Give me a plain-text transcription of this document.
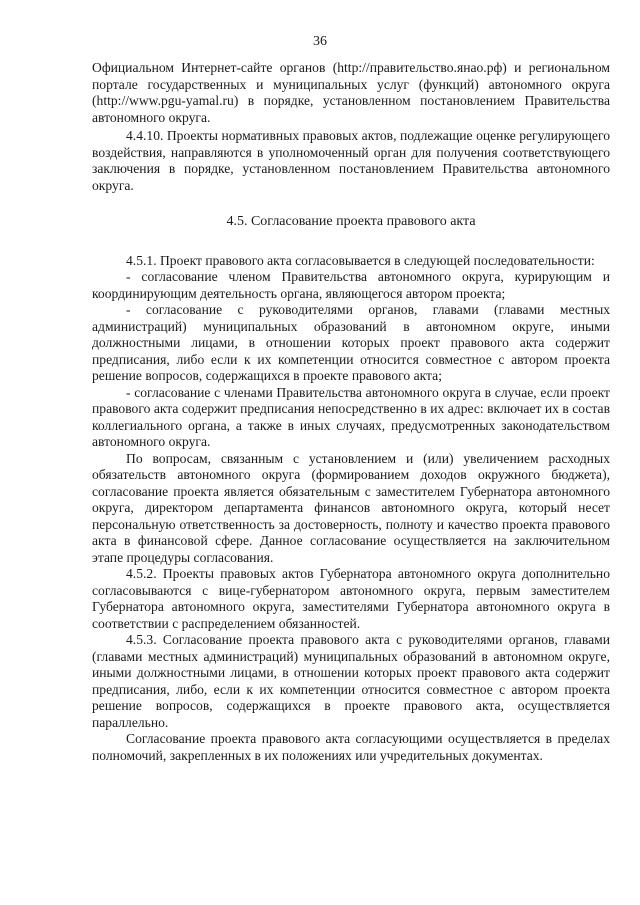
36

Официальном Интернет-сайте органов (http://правительство.янао.рф) и региональном портале государственных и муниципальных услуг (функций) автономного округа (http://www.pgu-yamal.ru) в порядке, установленном постановлением Правительства автономного округа.

4.4.10. Проекты нормативных правовых актов, подлежащие оценке регулирующего воздействия, направляются в уполномоченный орган для получения соответствующего заключения в порядке, установленном постановлением Правительства автономного округа.

4.5. Согласование проекта правового акта

4.5.1. Проект правового акта согласовывается в следующей последовательности:

- согласование членом Правительства автономного округа, курирующим и координирующим деятельность органа, являющегося автором проекта;

- согласование с руководителями органов, главами (главами местных администраций) муниципальных образований в автономном округе, иными должностными лицами, в отношении которых проект правового акта содержит предписания, либо если к их компетенции относится совместное с автором проекта решение вопросов, содержащихся в проекте правового акта;

- согласование с членами Правительства автономного округа в случае, если проект правового акта содержит предписания непосредственно в их адрес: включает их в состав коллегиального органа, а также в иных случаях, предусмотренных законодательством автономного округа.

По вопросам, связанным с установлением и (или) увеличением расходных обязательств автономного округа (формированием доходов окружного бюджета), согласование проекта является обязательным с заместителем Губернатора автономного округа, директором департамента финансов автономного округа, который несет персональную ответственность за достоверность, полноту и качество проекта правового акта в финансовой сфере. Данное согласование осуществляется на заключительном этапе процедуры согласования.

4.5.2. Проекты правовых актов Губернатора автономного округа дополнительно согласовываются с вице-губернатором автономного округа, первым заместителем Губернатора автономного округа, заместителями Губернатора автономного округа в соответствии с распределением обязанностей.

4.5.3. Согласование проекта правового акта с руководителями органов, главами (главами местных администраций) муниципальных образований в автономном округе, иными должностными лицами, в отношении которых проект правового акта содержит предписания, либо, если к их компетенции относится совместное с автором проекта решение вопросов, содержащихся в проекте правового акта, осуществляется параллельно.

Согласование проекта правового акта согласующими осуществляется в пределах полномочий, закрепленных в их положениях или учредительных документах.
